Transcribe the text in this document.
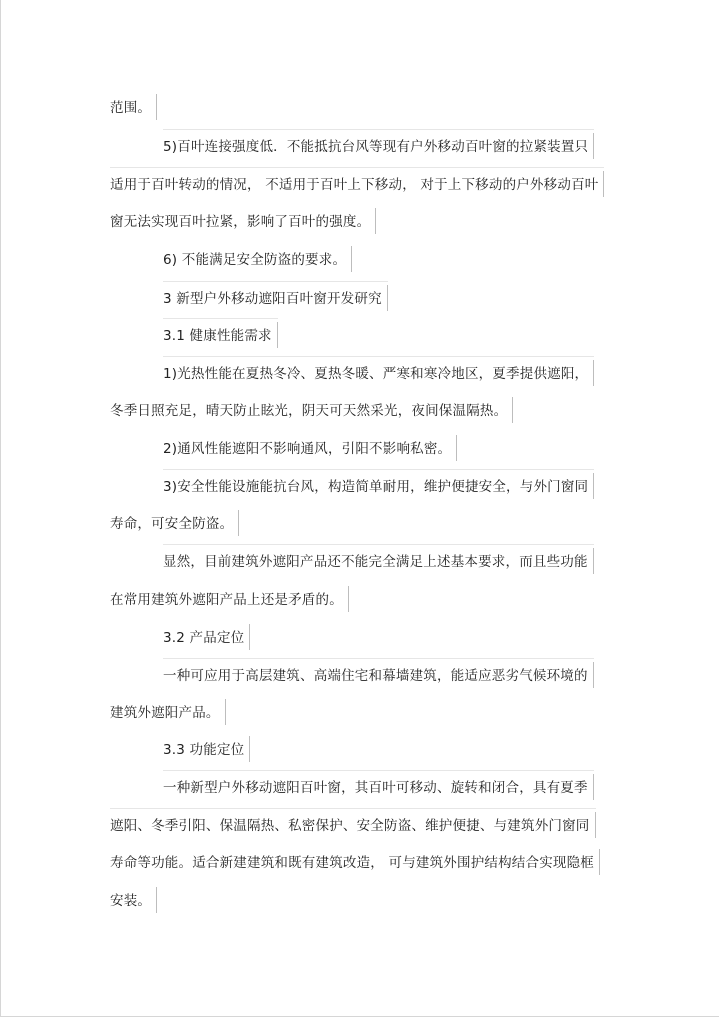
范围。
5)百叶连接强度低．不能抵抗台风等现有户外移动百叶窗的拉紧装置只
适用于百叶转动的情况， 不适用于百叶上下移动， 对于上下移动的户外移动百叶
窗无法实现百叶拉紧，影响了百叶的强度。
6) 不能满足安全防盗的要求。
3 新型户外移动遮阳百叶窗开发研究
3.1 健康性能需求
1)光热性能在夏热冬冷、夏热冬暖、严寒和寒冷地区，夏季提供遮阳，
冬季日照充足，晴天防止眩光，阴天可天然采光，夜间保温隔热。
2)通风性能遮阳不影响通风，引阳不影响私密。
3)安全性能设施能抗台风，构造简单耐用，维护便捷安全，与外门窗同
寿命，可安全防盗。
显然，目前建筑外遮阳产品还不能完全满足上述基本要求，而且些功能
在常用建筑外遮阳产品上还是矛盾的。
3.2 产品定位
一种可应用于高层建筑、高端住宅和幕墙建筑，能适应恶劣气候环境的
建筑外遮阳产品。
3.3 功能定位
一种新型户外移动遮阳百叶窗，其百叶可移动、旋转和闭合，具有夏季
遮阳、冬季引阳、保温隔热、私密保护、安全防盗、维护便捷、与建筑外门窗同
寿命等功能。适合新建建筑和既有建筑改造， 可与建筑外围护结构结合实现隐框
安装。
